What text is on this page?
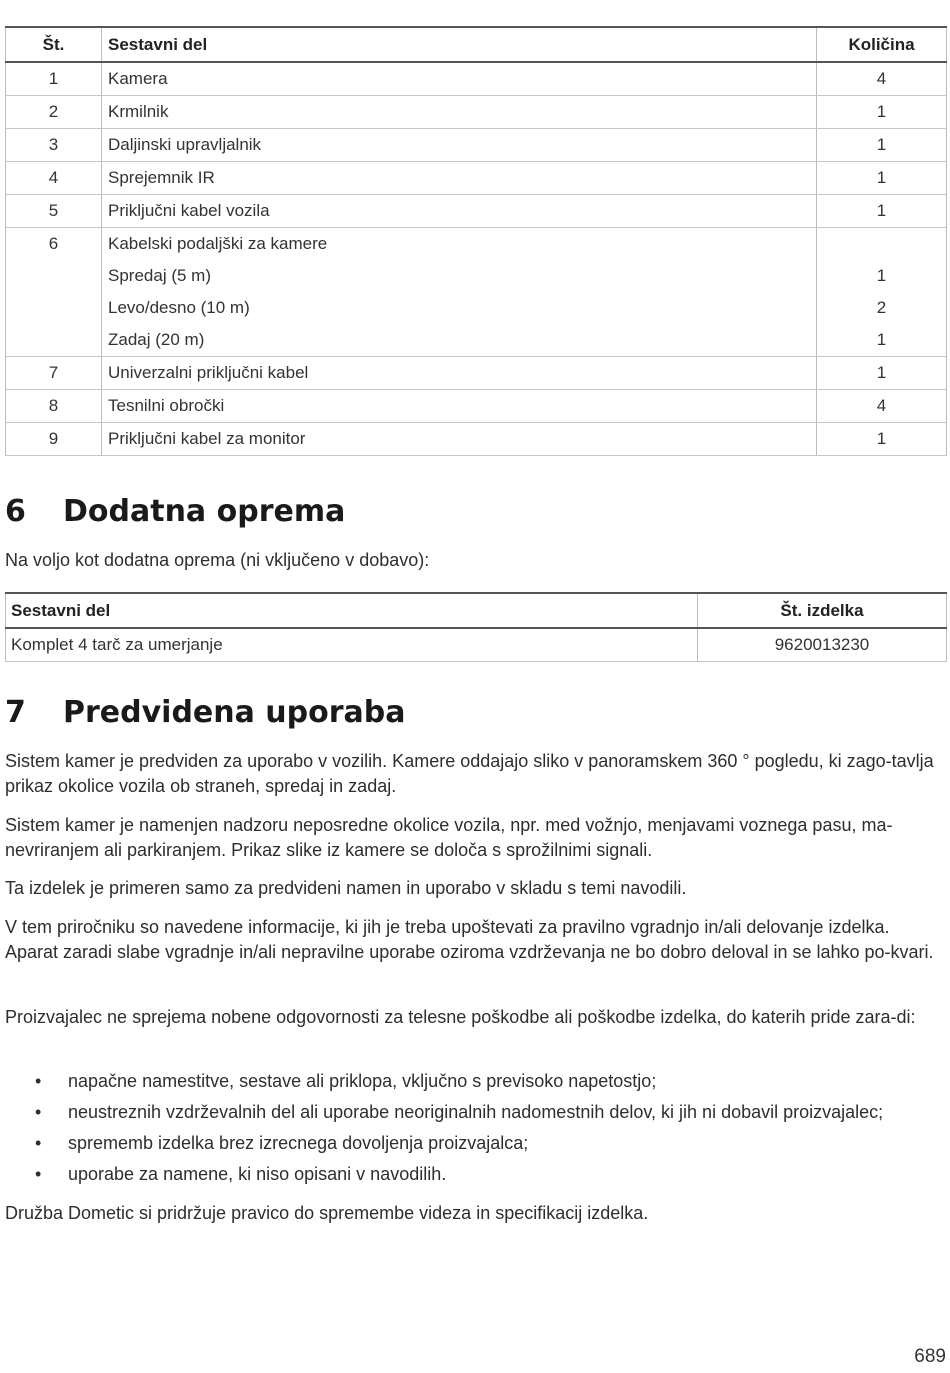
Št.	Sestavni del	Količina
1	Kamera	4
2	Krmilnik	1
3	Daljinski upravljalnik	1
4	Sprejemnik IR	1
5	Priključni kabel vozila	1
6	Kabelski podaljški za kamere	
	Spredaj (5 m)	1
	Levo/desno (10 m)	2
	Zadaj (20 m)	1
7	Univerzalni priključni kabel	1
8	Tesnilni obročki	4
9	Priključni kabel za monitor	1
6 Dodatna oprema

Na voljo kot dodatna oprema (ni vključeno v dobavo):

Sestavni del	Št. izdelka
Komplet 4 tarč za umerjanje	9620013230
7 Predvidena uporaba

Sistem kamer je predviden za uporabo v vozilih. Kamere oddajajo sliko v panoramskem 360 ° pogledu, ki zago-tavlja prikaz okolice vozila ob straneh, spredaj in zadaj.

Sistem kamer je namenjen nadzoru neposredne okolice vozila, npr. med vožnjo, menjavami voznega pasu, ma-nevriranjem ali parkiranjem. Prikaz slike iz kamere se določa s sprožilnimi signali.

Ta izdelek je primeren samo za predvideni namen in uporabo v skladu s temi navodili.

V tem priročniku so navedene informacije, ki jih je treba upoštevati za pravilno vgradnjo in/ali delovanje izdelka. Aparat zaradi slabe vgradnje in/ali nepravilne uporabe oziroma vzdrževanja ne bo dobro deloval in se lahko po-kvari.

Proizvajalec ne sprejema nobene odgovornosti za telesne poškodbe ali poškodbe izdelka, do katerih pride zara-di:

• napačne namestitve, sestave ali priklopa, vključno s previsoko napetostjo;
• neustreznih vzdrževalnih del ali uporabe neoriginalnih nadomestnih delov, ki jih ni dobavil proizvajalec;
• sprememb izdelka brez izrecnega dovoljenja proizvajalca;
• uporabe za namene, ki niso opisani v navodilih.

Družba Dometic si pridržuje pravico do spremembe videza in specifikacij izdelka.

689
